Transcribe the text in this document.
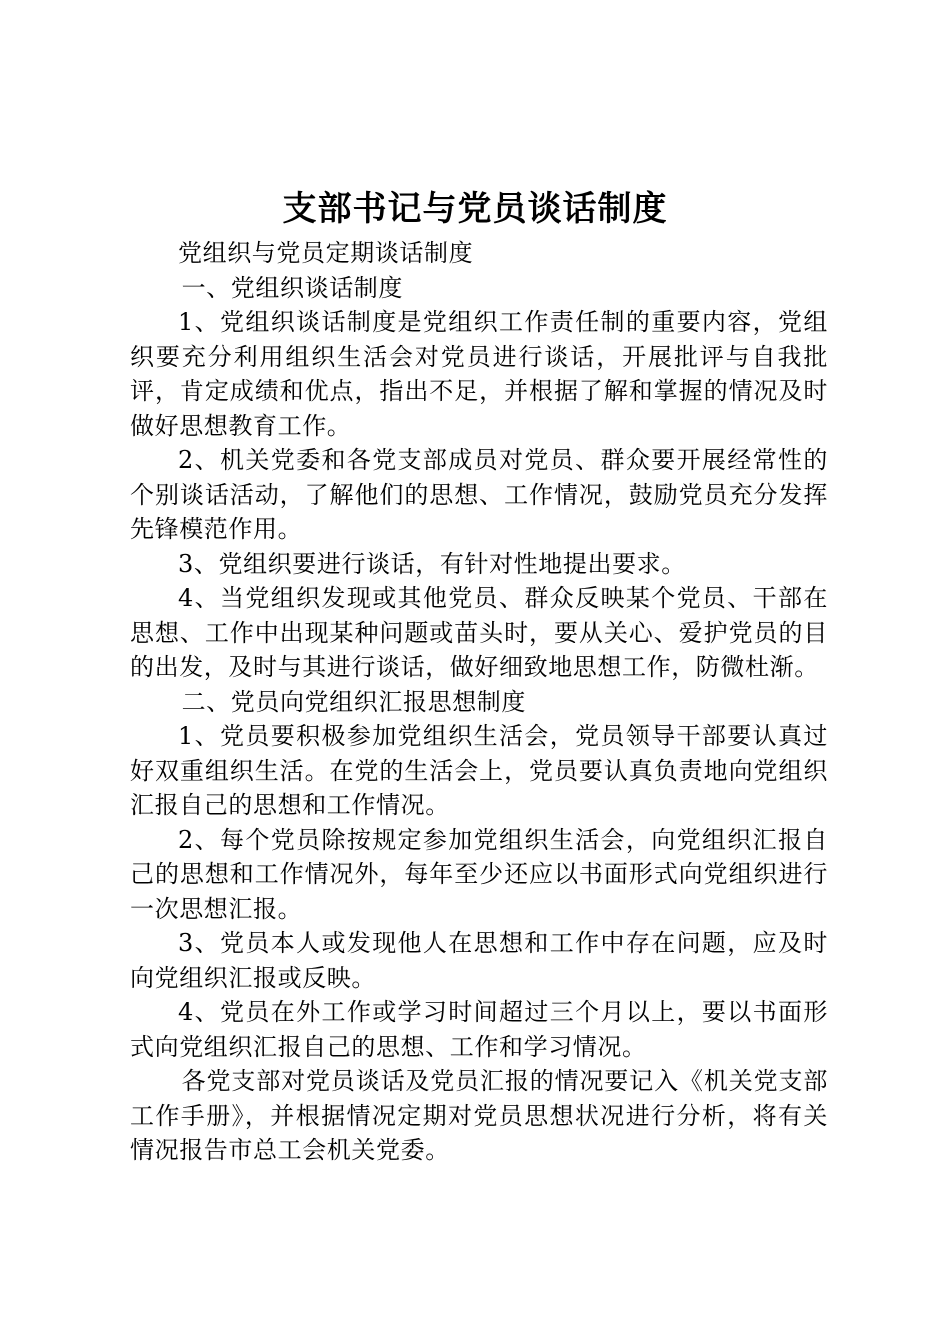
支部书记与党员谈话制度

党组织与党员定期谈话制度

一、党组织谈话制度

1、党组织谈话制度是党组织工作责任制的重要内容，党组织要充分利用组织生活会对党员进行谈话，开展批评与自我批评，肯定成绩和优点，指出不足，并根据了解和掌握的情况及时做好思想教育工作。

2、机关党委和各党支部成员对党员、群众要开展经常性的个别谈话活动，了解他们的思想、工作情况，鼓励党员充分发挥先锋模范作用。

3、党组织要进行谈话，有针对性地提出要求。

4、当党组织发现或其他党员、群众反映某个党员、干部在思想、工作中出现某种问题或苗头时，要从关心、爱护党员的目的出发，及时与其进行谈话，做好细致地思想工作，防微杜渐。

二、党员向党组织汇报思想制度

1、党员要积极参加党组织生活会，党员领导干部要认真过好双重组织生活。在党的生活会上，党员要认真负责地向党组织汇报自己的思想和工作情况。

2、每个党员除按规定参加党组织生活会，向党组织汇报自己的思想和工作情况外，每年至少还应以书面形式向党组织进行一次思想汇报。

3、党员本人或发现他人在思想和工作中存在问题，应及时向党组织汇报或反映。

4、党员在外工作或学习时间超过三个月以上，要以书面形式向党组织汇报自己的思想、工作和学习情况。

各党支部对党员谈话及党员汇报的情况要记入《机关党支部工作手册》，并根据情况定期对党员思想状况进行分析，将有关情况报告市总工会机关党委。
